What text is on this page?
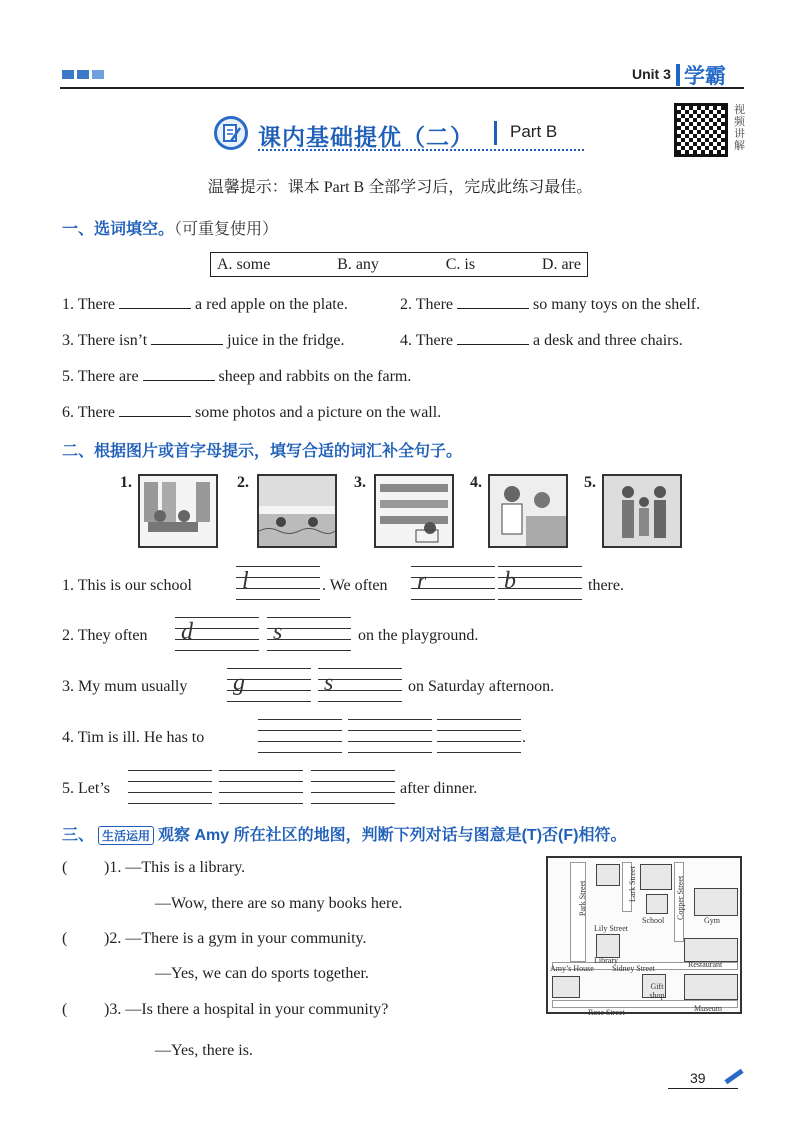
Unit 3 学霸
课内基础提优（二） Part B
视频讲解
温馨提示：课本 Part B 全部学习后，完成此练习最佳。
一、选词填空。（可重复使用）
A. some	B. any	C. is	D. are
1. There	a red apple on the plate.	2. There	so many toys on the shelf.
3. There isn’t	juice in the fridge.	4. There	a desk and three chairs.
5. There are	sheep and rabbits on the farm.
6. There	some photos and a picture on the wall.
二、根据图片或首字母提示，填写合适的词汇补全句子。
1.	2.	3.	4.	5.
1. This is our school l	. We often r	b	there.
2. They often d	s	on the playground.
3. My mum usually g	s	on Saturday afternoon.
4. Tim is ill. He has to	.
5. Let’s	after dinner.
三、 生活运用 观察 Amy 所在社区的地图，判断下列对话与图意是(T)否(F)相符。
( )1. —This is a library.
—Wow, there are so many books here.
( )2. —There is a gym in your community.
—Yes, we can do sports together.
( )3. —Is there a hospital in your community?
—Yes, there is.
Park Street	Lark Street	Copper Street
School	Gym
Lily Street
Library	Restaurant
Amy’s House Sidney Street
Gift shop
Rose Street	Museum
39
